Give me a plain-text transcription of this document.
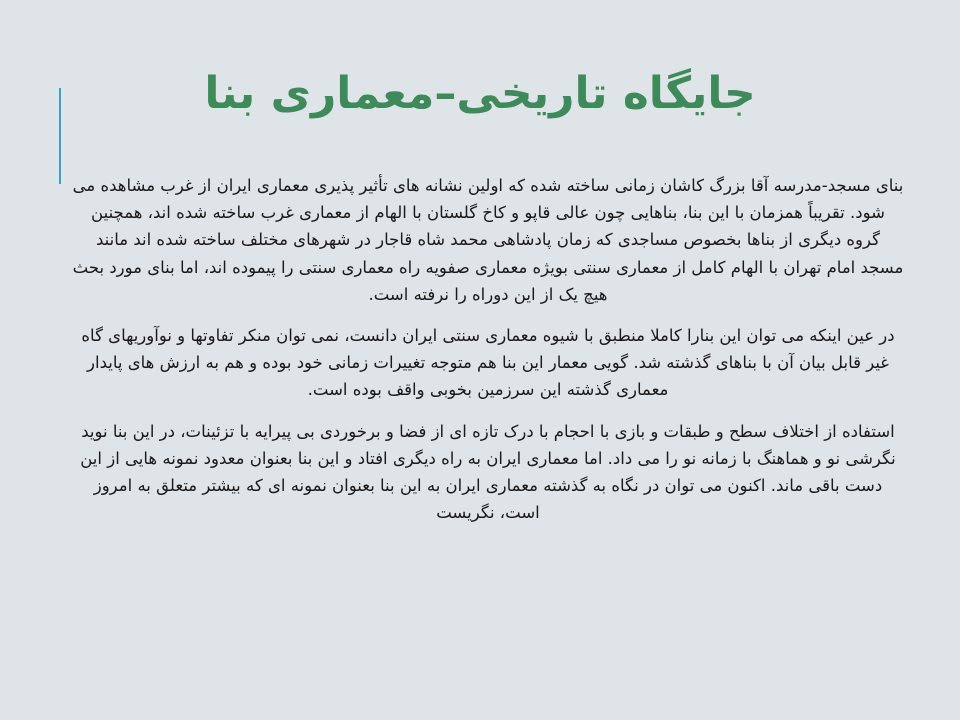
جایگاه تاریخی–معماری بنا

بنای مسجد-مدرسه آقا بزرگ کاشان زمانی ساخته شده که اولین نشانه های تأثیر پذیری معماری ایران از غرب مشاهده می شود. تقریباً همزمان با این بنا، بناهایی چون عالی قاپو و کاخ گلستان با الهام از معماری غرب ساخته شده اند، همچنین گروه دیگری از بناها بخصوص مساجدی که زمان پادشاهی محمد شاه قاجار در شهرهای مختلف ساخته شده اند مانند مسجد امام تهران با الهام کامل از معماری سنتی بویژه معماری صفویه راه معماری سنتی را پیموده اند، اما بنای مورد بحث هیچ یک از این دوراه را نرفته است.

در عین اینکه می توان این بنارا کاملا منطبق با شیوه معماری سنتی ایران دانست، نمی توان منکر تفاوتها و نوآوریهای گاه غیر قابل بیان آن با بناهای گذشته شد. گویی معمار این بنا هم متوجه تغییرات زمانی خود بوده و هم به ارزش های پایدار معماری گذشته این سرزمین بخوبی واقف بوده است.

استفاده از اختلاف سطح و طبقات و بازی با احجام با درک تازه ای از فضا و برخوردی بی پیرایه با تزئینات، در این بنا نوید نگرشی نو و هماهنگ با زمانه نو را می داد. اما معماری ایران به راه دیگری افتاد و این بنا بعنوان معدود نمونه هایی از این دست باقی ماند. اکنون می توان در نگاه به گذشته معماری ایران به این بنا بعنوان نمونه ای که بیشتر متعلق به امروز است، نگریست
